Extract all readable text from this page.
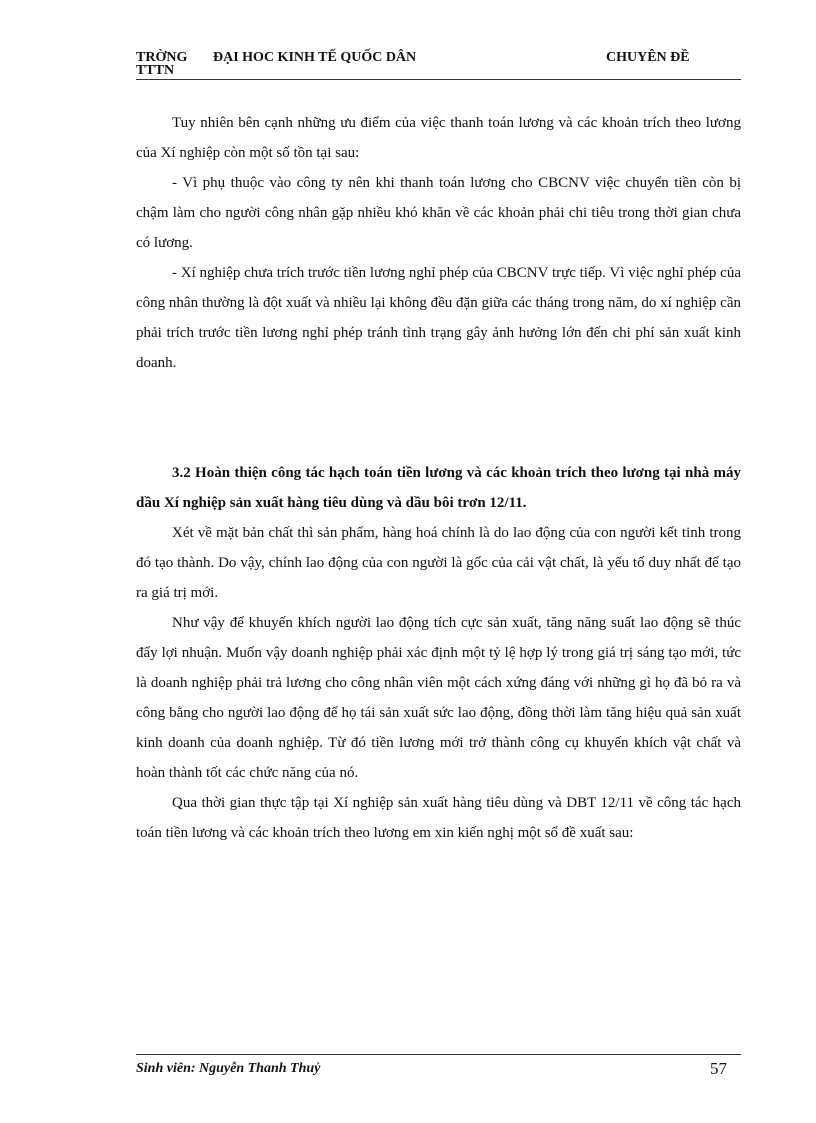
TRỜNG ĐẠI HOC KINH TẾ QUỐC DÂN
TTTN
CHUYÊN ĐỀ

Tuy nhiên bên cạnh những ưu điểm của việc thanh toán lương và các khoản trích theo lương của Xí nghiệp còn một số tồn tại sau:

- Vì phụ thuộc vào công ty nên khi thanh toán lương cho CBCNV việc chuyển tiền còn bị chậm làm cho người công nhân gặp nhiều khó khăn về các khoản phải chi tiêu trong thời gian chưa có lương.

- Xí nghiệp chưa trích trước tiền lương nghỉ phép của CBCNV trực tiếp. Vì việc nghỉ phép của công nhân thường là đột xuất và nhiều lại không đều đặn giữa các tháng trong năm, do xí nghiệp cần phải trích trước tiền lương nghỉ phép tránh tình trạng gây ảnh hưởng lớn đến chi phí sản xuất kinh doanh.

3.2 Hoàn thiện công tác hạch toán tiền lương và các khoản trích theo lương tại nhà máy dầu Xí nghiệp sản xuất hàng tiêu dùng và dầu bôi trơn 12/11.

Xét về mặt bản chất thì sản phẩm, hàng hoá chính là do lao động của con người kết tinh trong đó tạo thành. Do vậy, chính lao động của con người là gốc của cải vật chất, là yếu tố duy nhất để tạo ra giá trị mới.

Như vậy để khuyến khích người lao động tích cực sản xuất, tăng năng suất lao động sẽ thúc đẩy lợi nhuận. Muốn vậy doanh nghiệp phải xác định một tỷ lệ hợp lý trong giá trị sáng tạo mới, tức là doanh nghiệp phải trả lương cho công nhân viên một cách xứng đáng với những gì họ đã bỏ ra và công bằng cho người lao động để họ tái sản xuất sức lao động, đồng thời làm tăng hiệu quả sản xuất kinh doanh của doanh nghiệp. Từ đó tiền lương mới trở thành công cụ khuyến khích vật chất và hoàn thành tốt các chức năng của nó.

Qua thời gian thực tập tại Xí nghiệp sản xuất hàng tiêu dùng và DBT 12/11 về công tác hạch toán tiền lương và các khoản trích theo lương em xin kiến nghị một số đề xuất sau:

Sinh viên: Nguyễn Thanh Thuỷ	57
